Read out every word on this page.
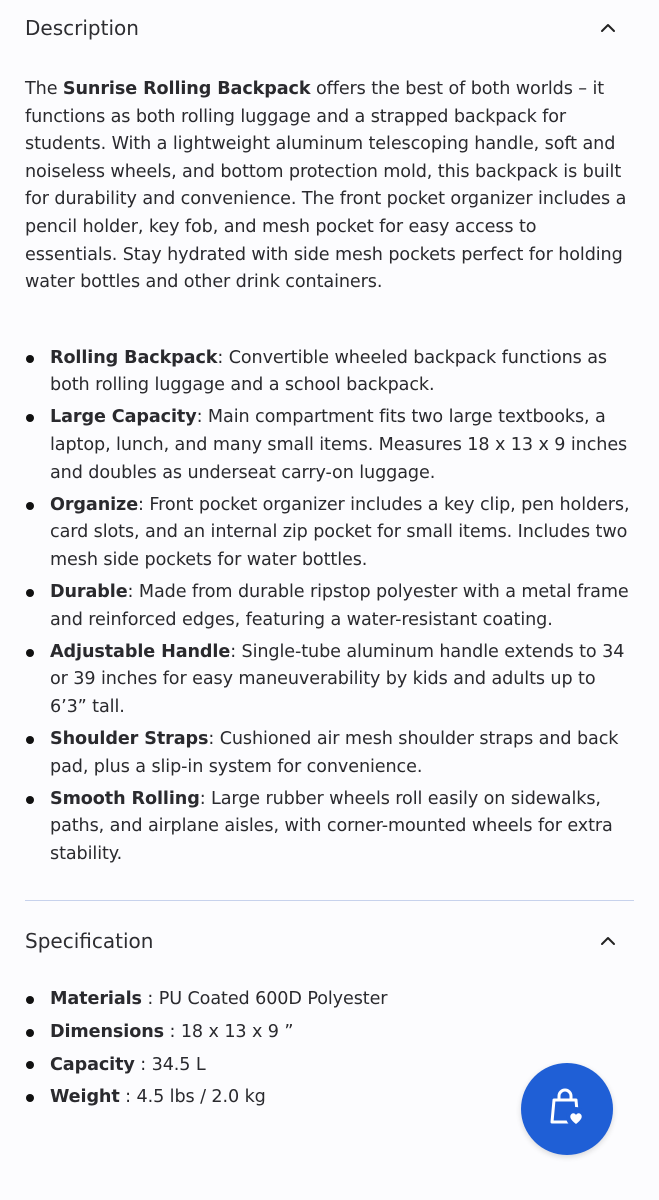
Description

The Sunrise Rolling Backpack offers the best of both worlds – it functions as both rolling luggage and a strapped backpack for students. With a lightweight aluminum telescoping handle, soft and noiseless wheels, and bottom protection mold, this backpack is built for durability and convenience. The front pocket organizer includes a pencil holder, key fob, and mesh pocket for easy access to essentials. Stay hydrated with side mesh pockets perfect for holding water bottles and other drink containers.

Rolling Backpack: Convertible wheeled backpack functions as both rolling luggage and a school backpack.
Large Capacity: Main compartment fits two large textbooks, a laptop, lunch, and many small items. Measures 18 x 13 x 9 inches and doubles as underseat carry-on luggage.
Organize: Front pocket organizer includes a key clip, pen holders, card slots, and an internal zip pocket for small items. Includes two mesh side pockets for water bottles.
Durable: Made from durable ripstop polyester with a metal frame and reinforced edges, featuring a water-resistant coating.
Adjustable Handle: Single-tube aluminum handle extends to 34 or 39 inches for easy maneuverability by kids and adults up to 6’3” tall.
Shoulder Straps: Cushioned air mesh shoulder straps and back pad, plus a slip-in system for convenience.
Smooth Rolling: Large rubber wheels roll easily on sidewalks, paths, and airplane aisles, with corner-mounted wheels for extra stability.
Specification
Materials : PU Coated 600D Polyester
Dimensions : 18 x 13 x 9 ”
Capacity : 34.5 L
Weight : 4.5 lbs / 2.0 kg
